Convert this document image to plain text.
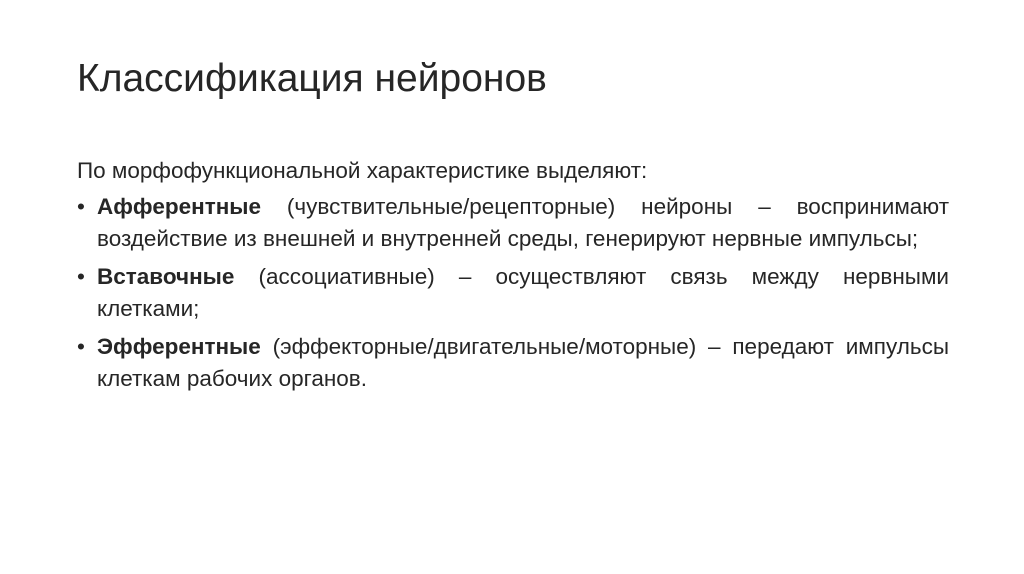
Классификация нейронов

По морфофункциональной характеристике выделяют:

• Афферентные (чувствительные/рецепторные) нейроны – воспринимают воздействие из внешней и внутренней среды, генерируют нервные импульсы;
• Вставочные (ассоциативные) – осуществляют связь между нервными клетками;
• Эфферентные (эффекторные/двигательные/моторные) – передают импульсы клеткам рабочих органов.
